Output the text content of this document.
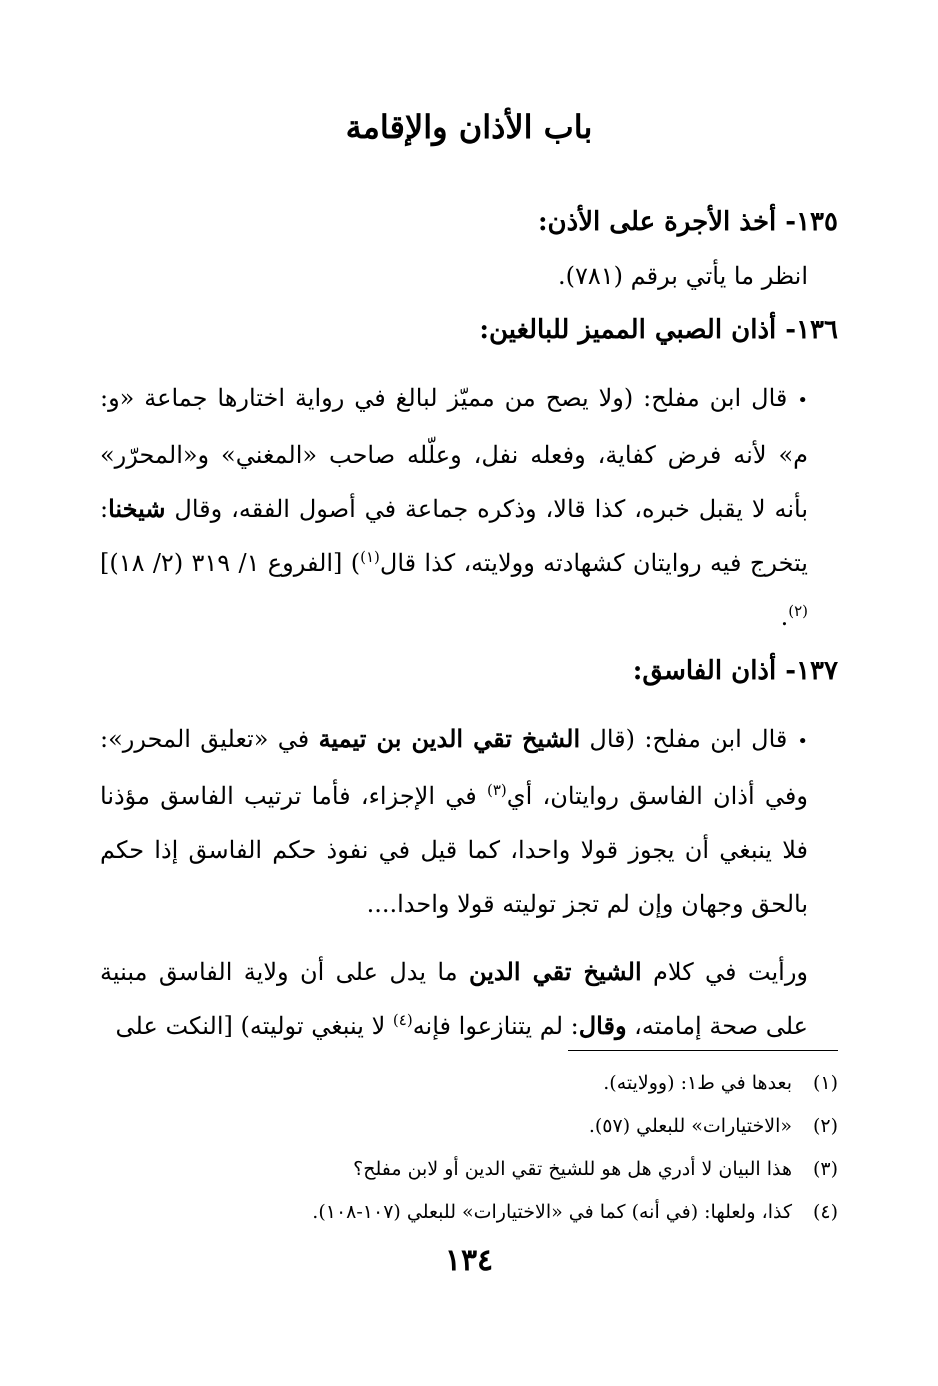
باب الأذان والإقامة

١٣٥- أخذ الأجرة على الأذن:

انظر ما يأتي برقم (٧٨١).

١٣٦- أذان الصبي المميز للبالغين:

•قال ابن مفلح: (ولا يصح من مميّز لبالغ في رواية اختارها جماعة «و: م» لأنه فرض كفاية، وفعله نفل، وعلّله صاحب «المغني» و«المحرّر» بأنه لا يقبل خبره، كذا قالا، وذكره جماعة في أصول الفقه، وقال شيخنا: يتخرج فيه روايتان كشهادته وولايته، كذا قال$^{(١)}$) [الفروع ١/ ٣١٩ (٢/ ١٨)]$^{(٢)}$.

١٣٧- أذان الفاسق:

•قال ابن مفلح: (قال الشيخ تقي الدين بن تيمية في «تعليق المحرر»: وفي أذان الفاسق روايتان، أي$^{(٣)}$ في الإجزاء، فأما ترتيب الفاسق مؤذنا فلا ينبغي أن يجوز قولا واحدا، كما قيل في نفوذ حكم الفاسق إذا حكم بالحق وجهان وإن لم تجز توليته قولا واحدا....

ورأيت في كلام الشيخ تقي الدين ما يدل على أن ولاية الفاسق مبنية على صحة إمامته، وقال: لم يتنازعوا فإنه$^{(٤)}$ لا ينبغي توليته) [النكت على

(١)بعدها في ط١: (وولايته).
(٢)«الاختيارات» للبعلي (٥٧).
(٣)هذا البيان لا أدري هل هو للشيخ تقي الدين أو لابن مفلح؟
(٤)كذا، ولعلها: (في أنه) كما في «الاختيارات» للبعلي (١٠٧-١٠٨).
١٣٤
